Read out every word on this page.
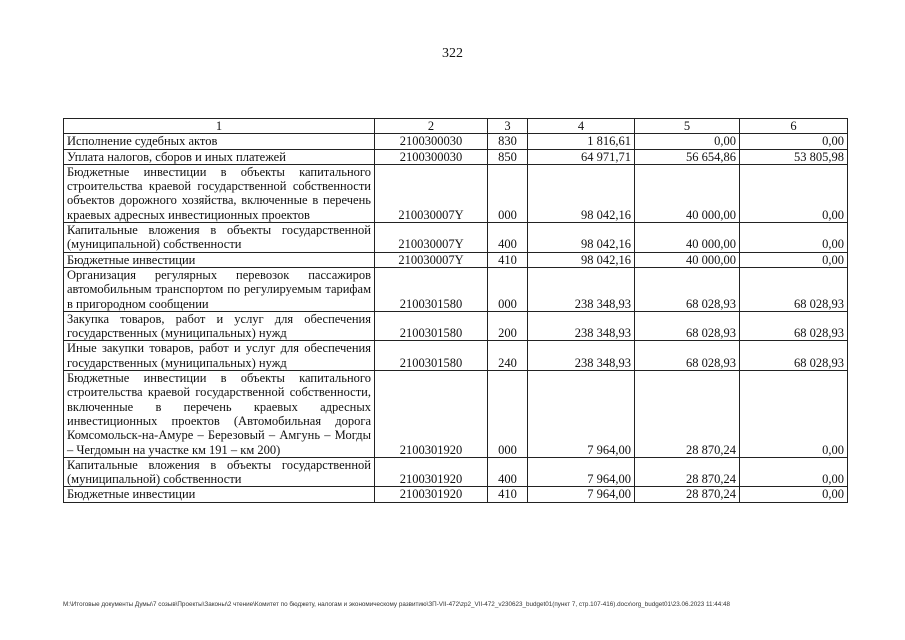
322
1	2	3	4	5	6
Исполнение судебных актов	2100300030	830	1 816,61	0,00	0,00
Уплата налогов, сборов и иных платежей	2100300030	850	64 971,71	56 654,86	53 805,98
Бюджетные инвестиции в объекты капитального строительства краевой государственной собственности объектов дорожного хозяйства, включенные в перечень краевых адресных инвестиционных проектов	210030007Y	000	98 042,16	40 000,00	0,00
Капитальные вложения в объекты государственной (муниципальной) собственности	210030007Y	400	98 042,16	40 000,00	0,00
Бюджетные инвестиции	210030007Y	410	98 042,16	40 000,00	0,00
Организация регулярных перевозок пассажиров автомобильным транспортом по регулируемым тарифам в пригородном сообщении	2100301580	000	238 348,93	68 028,93	68 028,93
Закупка товаров, работ и услуг для обеспечения государственных (муниципальных) нужд	2100301580	200	238 348,93	68 028,93	68 028,93
Иные закупки товаров, работ и услуг для обеспечения государственных (муниципальных) нужд	2100301580	240	238 348,93	68 028,93	68 028,93
Бюджетные инвестиции в объекты капитального строительства краевой государственной собственности, включенные в перечень краевых адресных инвестиционных проектов (Автомобильная дорога Комсомольск-на-Амуре – Березовый – Амгунь – Могды – Чегдомын на участке км 191 – км 200)	2100301920	000	7 964,00	28 870,24	0,00
Капитальные вложения в объекты государственной (муниципальной) собственности	2100301920	400	7 964,00	28 870,24	0,00
Бюджетные инвестиции	2100301920	410	7 964,00	28 870,24	0,00
M:\Итоговые документы Думы\7 созыв\Проекты\Законы\2 чтение\Комитет по бюджету, налогам и экономическому развитию\ЗП-VII-472\zp2_VII-472_v230623_budget01(пункт 7, стр.107-416).docx\org_budget01\23.06.2023 11:44:48
